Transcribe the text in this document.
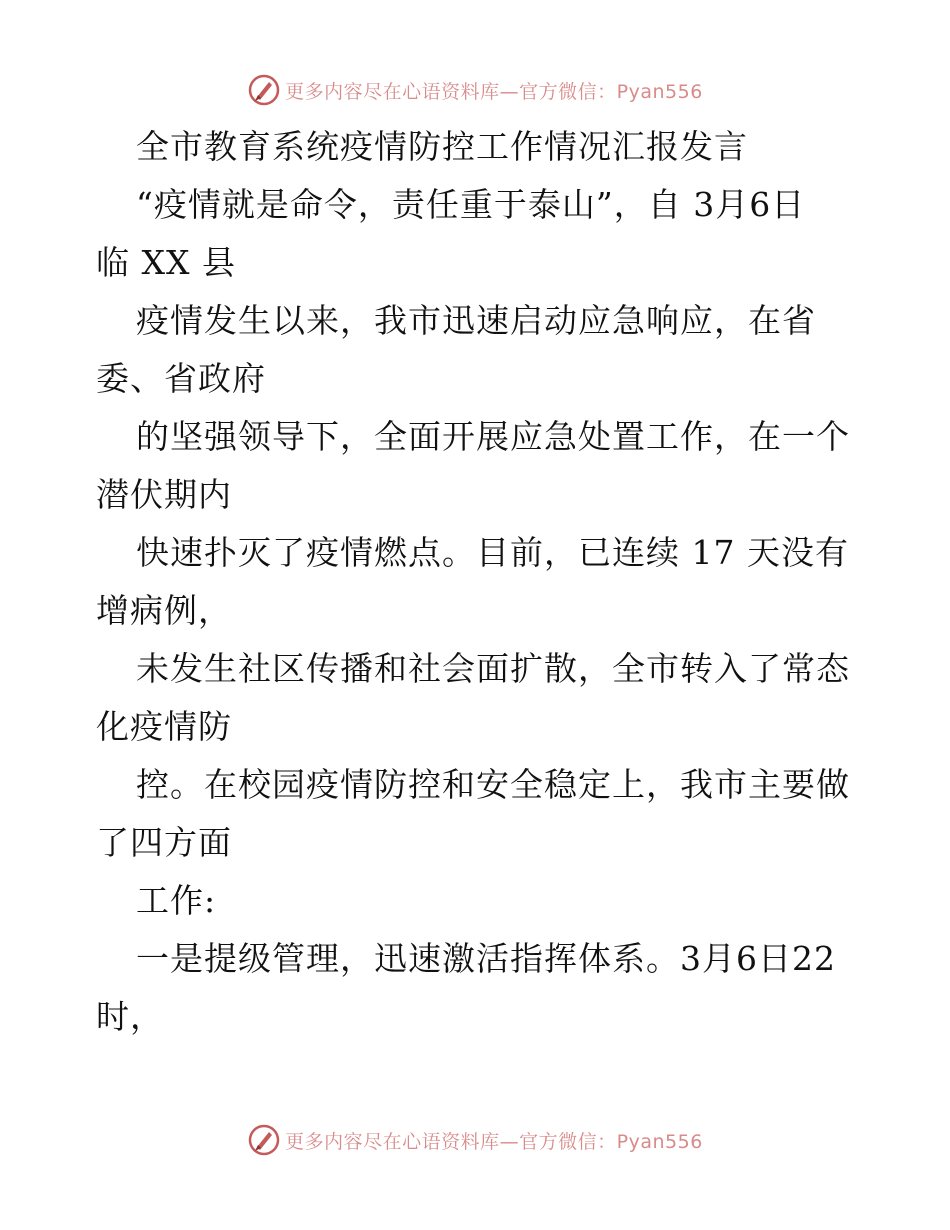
更多内容尽在心语资料库—官方微信：Pyan556
全市教育系统疫情防控工作情况汇报发言
“疫情就是命令，责任重于泰山”，自 3月6日
临 XX 县
疫情发生以来，我市迅速启动应急响应，在省
委、省政府
的坚强领导下，全面开展应急处置工作，在一个
潜伏期内
快速扑灭了疫情燃点。目前，已连续 17 天没有
增病例，
未发生社区传播和社会面扩散，全市转入了常态
化疫情防
控。在校园疫情防控和安全稳定上，我市主要做
了四方面
工作:
一是提级管理，迅速激活指挥体系。3月6日22
时，
更多内容尽在心语资料库—官方微信：Pyan556
